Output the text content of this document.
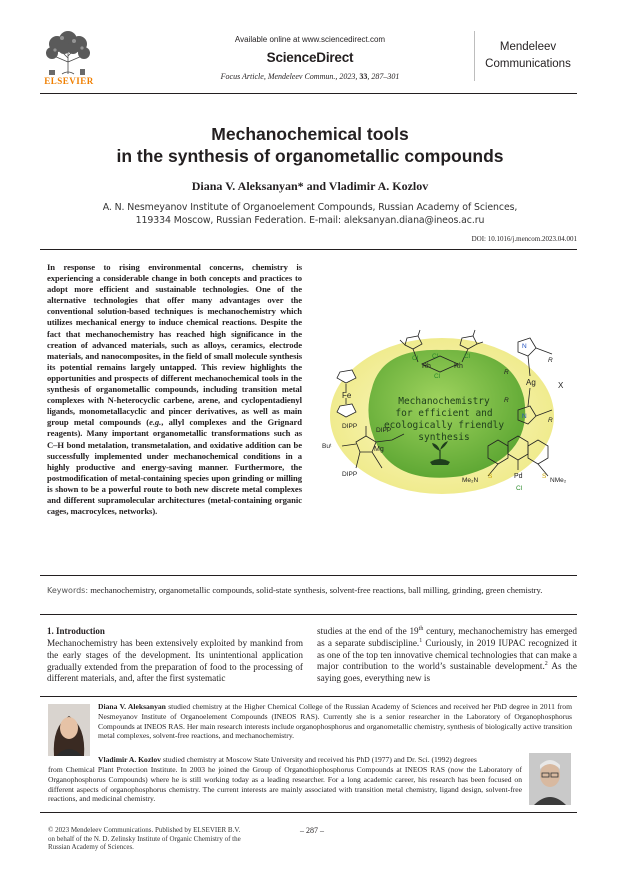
ELSEVIER
Available online at www.sciencedirect.com
ScienceDirect
Focus Article, Mendeleev Commun., 2023, 33, 287–301
Mendeleev
Communications
Mechanochemical tools
in the synthesis of organometallic compounds
Diana V. Aleksanyan* and Vladimir A. Kozlov
A. N. Nesmeyanov Institute of Organoelement Compounds, Russian Academy of Sciences,
119334 Moscow, Russian Federation. E-mail: aleksanyan.diana@ineos.ac.ru
DOI: 10.1016/j.mencom.2023.04.001
In response to rising environmental concerns, chemistry is experiencing a considerable change in both concepts and practices to adopt more efficient and sustainable technologies. One of the alternative technologies that offer many advantages over the conventional solution-based techniques is mechanochemistry which utilizes mechanical energy to induce chemical reactions. Despite the fact that mechanochemistry has reached high significance in the creation of advanced materials, such as alloys, ceramics, electrode materials, and nanocomposites, in the field of small molecule synthesis its potential remains largely untapped. This review highlights the opportunities and prospects of different mechanochemical tools in the synthesis of organometallic compounds, including transition metal complexes with N-heterocyclic carbene, arene, and cyclopentadienyl ligands, monometallacyclic and pincer derivatives, as well as main group metal compounds (e.g., allyl complexes and the Grignard reagents). Many important organometallic transformations such as C–H bond metalation, transmetalation, and oxidative addition can be successfully implemented under mechanochemical conditions in a highly productive and energy-saving manner. Furthermore, the postmodification of metal-containing species upon grinding or milling is shown to be a powerful route to both new discrete metal complexes and different supramolecular architectures (metal-containing organic cages, macrocylces, networks).
Mechanochemistry
for efficient and
ecologically friendly
synthesis
Fe
Rh	Rh
Cl
Cl
Cl	Cl
Ag	X
R
R
R
R
N
N
DIPP
DIPP
DIPP
Buᵗ	Mg
Pd
Cl
Me₂N	NMe₂
S	S
Keywords: mechanochemistry, organometallic compounds, solid-state synthesis, solvent-free reactions, ball milling, grinding, green chemistry.
1. Introduction
Mechanochemistry has been extensively exploited by mankind from the early stages of the development. Its unintentional application gradually extended from the preparation of food to the processing of different materials, and, after the first systematic
studies at the end of the 19th century, mechanochemistry has emerged as a separate subdiscipline.$^1$ Curiously, in 2019 IUPAC recognized it as one of the top ten innovative chemical technologies that can make a major contribution to the world’s sustainable development.$^2$ As the saying goes, everything new is
Diana V. Aleksanyan studied chemistry at the Higher Chemical College of the Russian Academy of Sciences and received her PhD degree in 2011 from Nesmeyanov Institute of Organoelement Compounds (INEOS RAS). Currently she is a senior researcher in the Laboratory of Organophosphorus Compounds at INEOS RAS. Her main research interests include organophosphorus and organometallic chemistry, synthesis of biologically active transition metal complexes, solvent-free reactions, and mechanochemistry.
Vladimir A. Kozlov studied chemistry at Moscow State University and received his PhD (1977) and Dr. Sci. (1992) degrees
from Chemical Plant Protection Institute. In 2003 he joined the Group of Organothiophosphorus Compounds at INEOS RAS (now the Laboratory of Organophosphorus Compounds) where he is still working today as a leading researcher. For a long academic career, his research has been focused on different aspects of organophosphorus chemistry. The current interests are mainly associated with transition metal chemistry, ligand design, solvent-free reactions, and medicinal chemistry.
© 2023 Mendeleev Communications. Published by ELSEVIER B.V.
on behalf of the N. D. Zelinsky Institute of Organic Chemistry of the
Russian Academy of Sciences.
– 287 –
